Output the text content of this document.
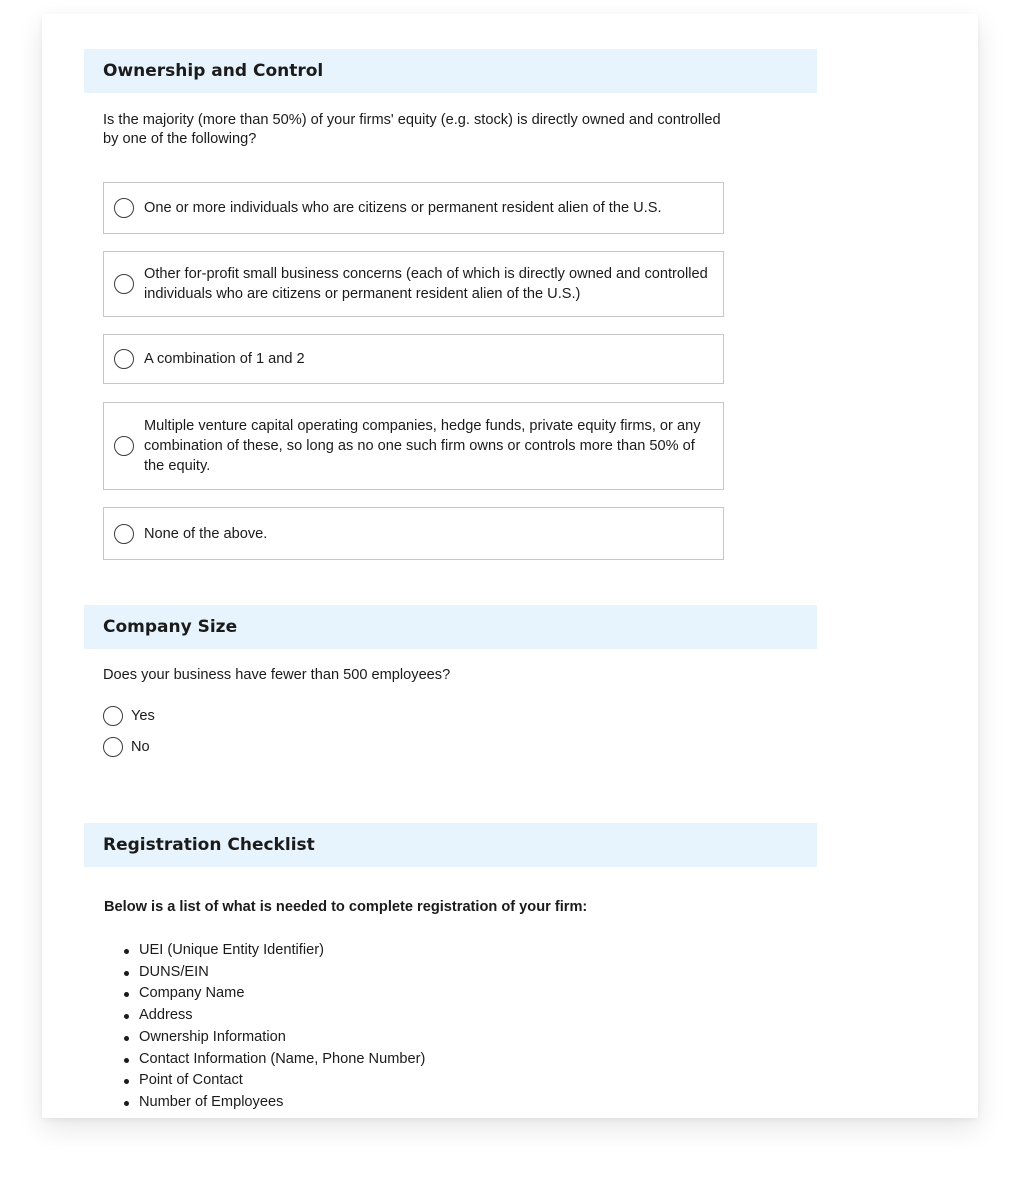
Ownership and Control
Is the majority (more than 50%) of your firms' equity (e.g. stock) is directly owned and controlled by one of the following?
One or more individuals who are citizens or permanent resident alien of the U.S.
Other for-profit small business concerns (each of which is directly owned and controlled individuals who are citizens or permanent resident alien of the U.S.)
A combination of 1 and 2
Multiple venture capital operating companies, hedge funds, private equity firms, or any combination of these, so long as no one such firm owns or controls more than 50% of the equity.
None of the above.
Company Size
Does your business have fewer than 500 employees?
Yes
No
Registration Checklist
Below is a list of what is needed to complete registration of your firm:
UEI (Unique Entity Identifier)
DUNS/EIN
Company Name
Address
Ownership Information
Contact Information (Name, Phone Number)
Point of Contact
Number of Employees
